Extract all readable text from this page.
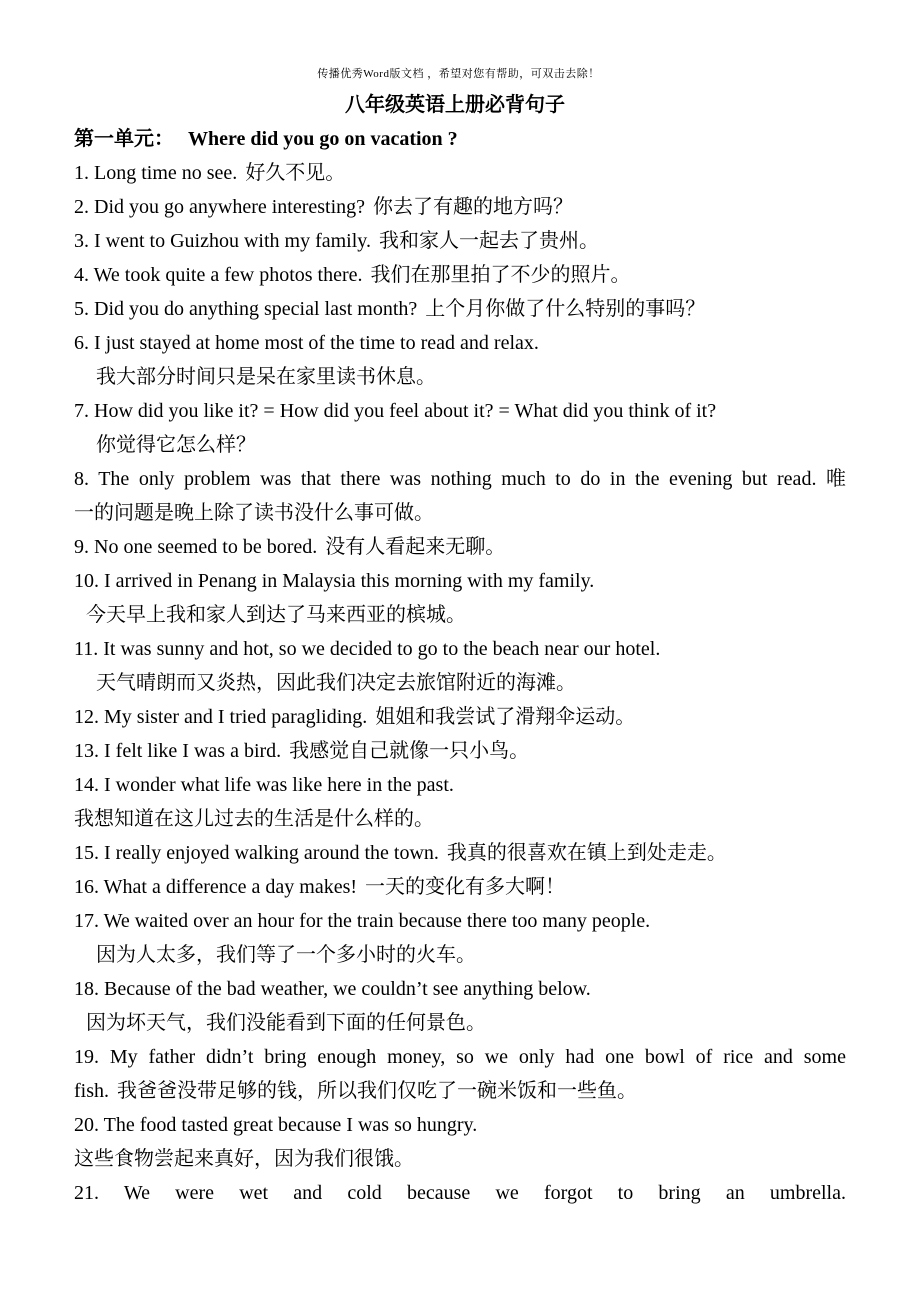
传播优秀Word版文档 ，希望对您有帮助，可双击去除！
八年级英语上册必背句子
第一单元： Where did you go on vacation ?
1. Long time no see. 好久不见。
2. Did you go anywhere interesting? 你去了有趣的地方吗？
3. I went to Guizhou with my family. 我和家人一起去了贵州。
4. We took quite a few photos there. 我们在那里拍了不少的照片。
5. Did you do anything special last month? 上个月你做了什么特别的事吗？
6. I just stayed at home most of the time to read and relax.
我大部分时间只是呆在家里读书休息。
7. How did you like it? = How did you feel about it? = What did you think of it?
你觉得它怎么样？
8. The only problem was that there was nothing much to do in the evening but read. 唯
一的问题是晚上除了读书没什么事可做。
9. No one seemed to be bored. 没有人看起来无聊。
10. I arrived in Penang in Malaysia this morning with my family.
今天早上我和家人到达了马来西亚的槟城。
11. It was sunny and hot, so we decided to go to the beach near our hotel.
天气晴朗而又炎热，因此我们决定去旅馆附近的海滩。
12. My sister and I tried paragliding. 姐姐和我尝试了滑翔伞运动。
13. I felt like I was a bird. 我感觉自己就像一只小鸟。
14. I wonder what life was like here in the past.
我想知道在这儿过去的生活是什么样的。
15. I really enjoyed walking around the town. 我真的很喜欢在镇上到处走走。
16. What a difference a day makes! 一天的变化有多大啊！
17. We waited over an hour for the train because there too many people.
因为人太多，我们等了一个多小时的火车。
18. Because of the bad weather, we couldn’t see anything below.
因为坏天气，我们没能看到下面的任何景色。
19. My father didn’t bring enough money, so we only had one bowl of rice and some
fish. 我爸爸没带足够的钱，所以我们仅吃了一碗米饭和一些鱼。
20. The food tasted great because I was so hungry.
这些食物尝起来真好，因为我们很饿。
21. We were wet and cold because we forgot to bring an umbrella.
